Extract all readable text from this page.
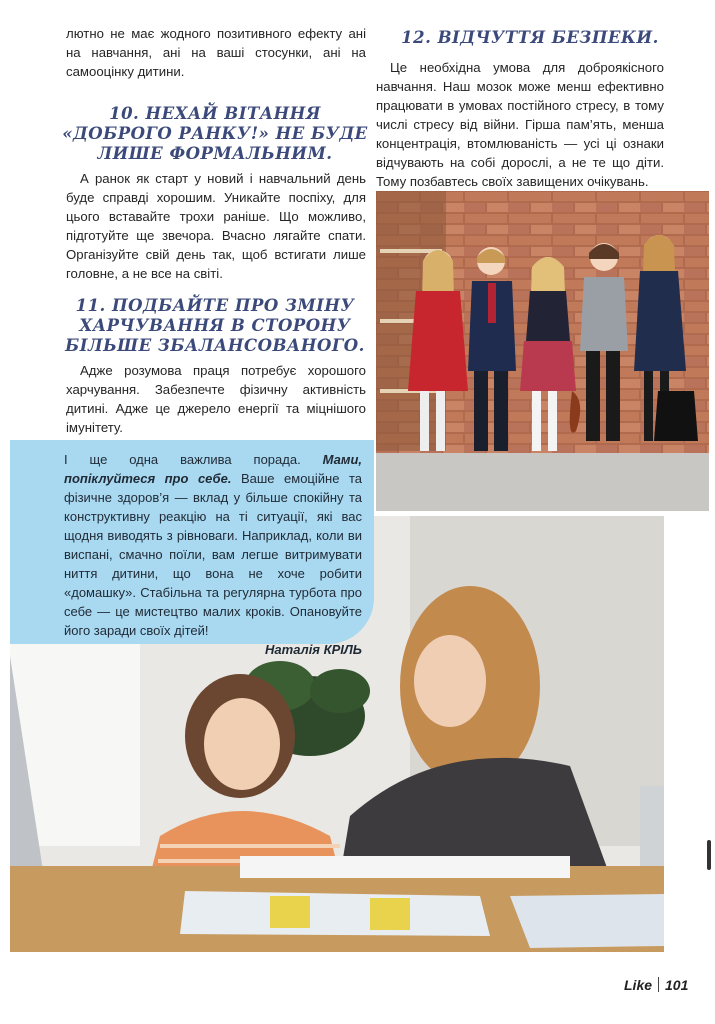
лютно не має жодного позитивного ефекту ані на навчання, ані на ваші стосунки, ані на самооцінку дитини.

10. НЕХАЙ ВІТАННЯ
«ДОБРОГО РАНКУ!» НЕ БУДЕ
ЛИШЕ ФОРМАЛЬНИМ.

А ранок як старт у новий і навчальний день буде справді хорошим. Уникайте поспіху, для цього вставайте трохи раніше. Що можливо, підготуйте ще звечора. Вчасно лягайте спати. Організуйте свій день так, щоб встигати лише головне, а не все на світі.

11. ПОДБАЙТЕ ПРО ЗМІНУ
ХАРЧУВАННЯ В СТОРОНУ
БІЛЬШЕ ЗБАЛАНСОВАНОГО.

Адже розумова праця потребує хорошого харчування. Забезпечте фізичну активність дитині. Адже це джерело енергії та міцнішого імунітету.

12. ВІДЧУТТЯ БЕЗПЕКИ.

Це необхідна умова для доброякісного навчання. Наш мозок може менш ефективно працювати в умовах постійного стресу, в тому числі стресу від війни. Гірша пам’ять, менша концентрація, втомлюваність — усі ці ознаки відчувають на собі дорослі, а не те що діти. Тому позбавтесь своїх завищених очікувань.

І ще одна важлива порада. Мами, попіклуйтеся про себе. Ваше емоційне та фізичне здоров’я — вклад у більше спокійну та конструктивну реакцію на ті ситуації, які вас щодня виводять з рівноваги. Наприклад, коли ви виспані, смачно поїли, вам легше витримувати ниття дитини, що вона не хоче робити «домашку». Стабільна та регулярна турбота про себе — це мистецтво малих кроків. Опановуйте його заради своїх дітей!

Наталія КРІЛЬ

Like 101
